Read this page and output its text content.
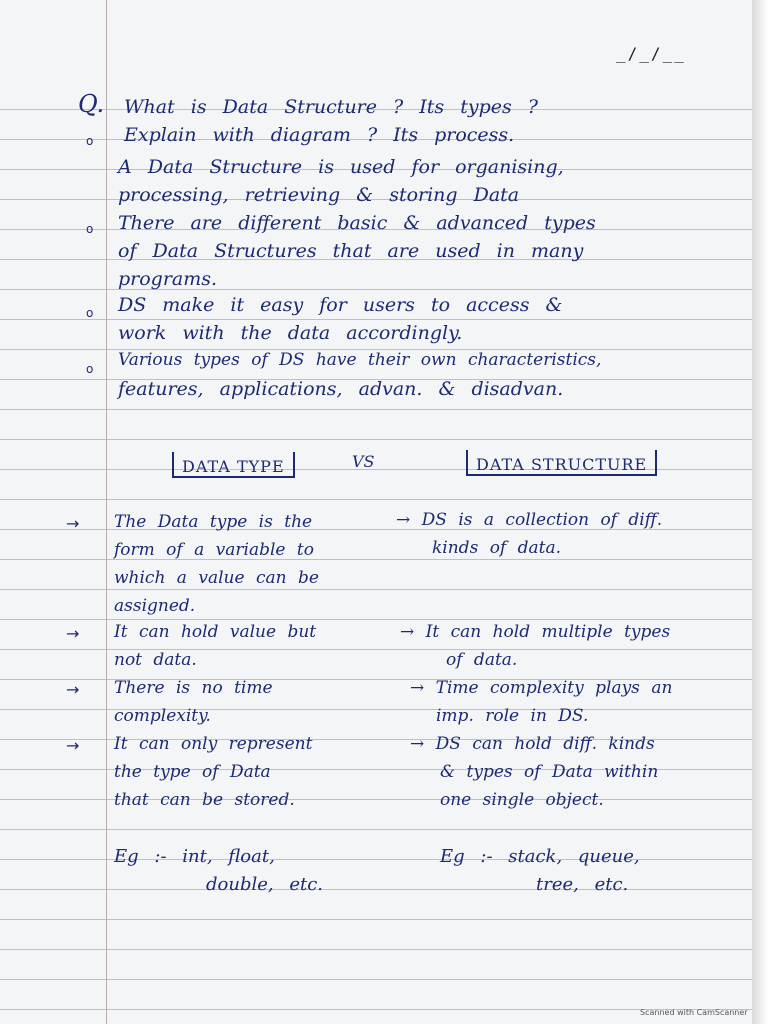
_/_/__
Q. What is Data Structure ? Its types ?
o Explain with diagram ? Its process.
A Data Structure is used for organising,
processing, retrieving & storing Data
o There are different basic & advanced types
of Data Structures that are used in many
programs.
o DS make it easy for users to access &
work with the data accordingly.
o Various types of DS have their own characteristics,
features, applications, advan. & disadvan.
DATA TYPE	VS	DATA STRUCTURE
→ The Data type is the
form of a variable to
which a value can be
assigned.
→ DS is a collection of diff.
kinds of data.
→ It can hold value but
not data.
→ It can hold multiple types
of data.
→ There is no time
complexity.
→ Time complexity plays an
imp. role in DS.
→ It can only represent
the type of Data
that can be stored.
→ DS can hold diff. kinds
& types of Data within
one single object.
Eg :- int, float,
double, etc.
Eg :- stack, queue,
tree, etc.
Scanned with CamScanner
